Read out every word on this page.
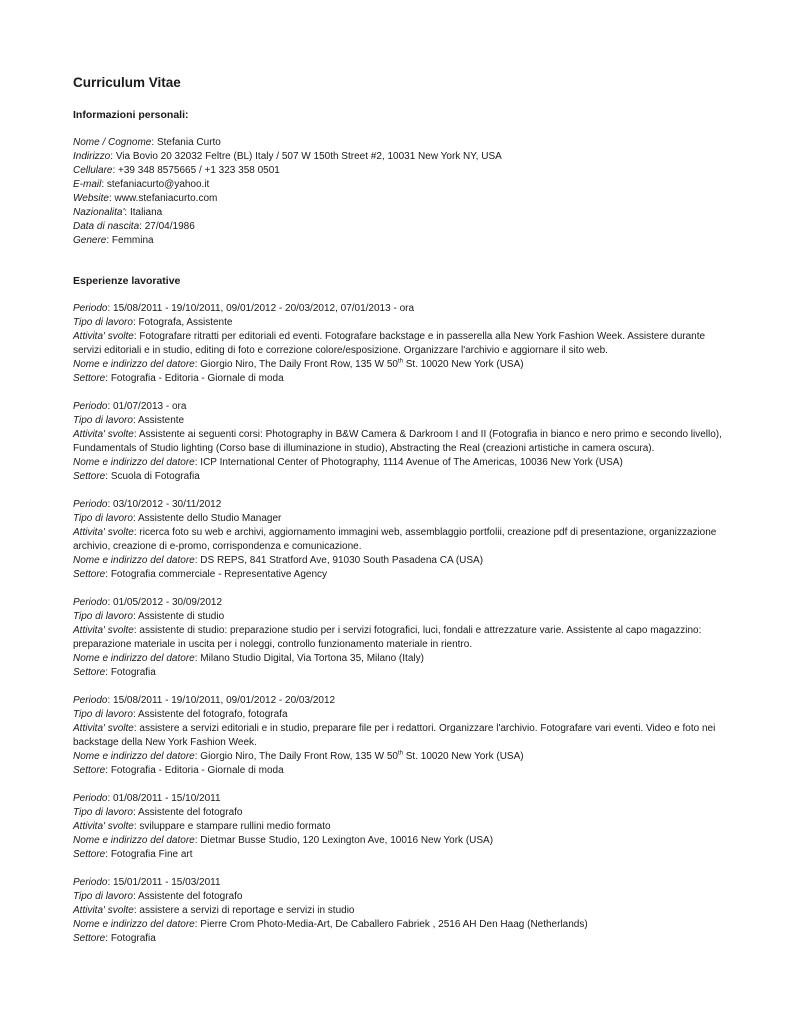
Curriculum Vitae
Informazioni personali:

Nome / Cognome: Stefania Curto

Indirizzo: Via Bovio 20 32032 Feltre (BL) Italy / 507 W 150th Street #2, 10031 New York NY, USA

Cellulare: +39 348 8575665 / +1 323 358 0501

E-mail: stefaniacurto@yahoo.it

Website: www.stefaniacurto.com

Nazionalita': Italiana

Data di nascita: 27/04/1986

Genere: Femmina

Esperienze lavorative

Periodo: 15/08/2011 - 19/10/2011, 09/01/2012 - 20/03/2012, 07/01/2013 - ora

Tipo di lavoro: Fotografa, Assistente

Attivita' svolte: Fotografare ritratti per editoriali ed eventi. Fotografare backstage e in passerella alla New York Fashion Week. Assistere durante servizi editoriali e in studio, editing di foto e correzione colore/esposizione. Organizzare l'archivio e aggiornare il sito web.

Nome e indirizzo del datore: Giorgio Niro, The Daily Front Row, 135 W 50th St. 10020 New York (USA)

Settore: Fotografia - Editoria - Giornale di moda

Periodo: 01/07/2013 - ora

Tipo di lavoro: Assistente

Attivita' svolte: Assistente ai seguenti corsi: Photography in B&W Camera & Darkroom I and II (Fotografia in bianco e nero primo e secondo livello), Fundamentals of Studio lighting (Corso base di illuminazione in studio), Abstracting the Real (creazioni artistiche in camera oscura).

Nome e indirizzo del datore: ICP International Center of Photography, 1114 Avenue of The Americas, 10036 New York (USA)

Settore: Scuola di Fotografia

Periodo: 03/10/2012 - 30/11/2012

Tipo di lavoro: Assistente dello Studio Manager

Attivita' svolte: ricerca foto su web e archivi, aggiornamento immagini web, assemblaggio portfolii, creazione pdf di presentazione, organizzazione archivio, creazione di e-promo, corrispondenza e comunicazione.

Nome e indirizzo del datore: DS REPS, 841 Stratford Ave, 91030 South Pasadena CA (USA)

Settore: Fotografia commerciale - Representative Agency

Periodo: 01/05/2012 - 30/09/2012

Tipo di lavoro: Assistente di studio

Attivita' svolte: assistente di studio: preparazione studio per i servizi fotografici, luci, fondali e attrezzature varie. Assistente al capo magazzino: preparazione materiale in uscita per i noleggi, controllo funzionamento materiale in rientro.

Nome e indirizzo del datore: Milano Studio Digital, Via Tortona 35, Milano (Italy)

Settore: Fotografia

Periodo: 15/08/2011 - 19/10/2011, 09/01/2012 - 20/03/2012

Tipo di lavoro: Assistente del fotografo, fotografa

Attivita' svolte: assistere a servizi editoriali e in studio, preparare file per i redattori. Organizzare l'archivio. Fotografare vari eventi. Video e foto nei backstage della New York Fashion Week.

Nome e indirizzo del datore: Giorgio Niro, The Daily Front Row, 135 W 50th St. 10020 New York (USA)

Settore: Fotografia - Editoria - Giornale di moda

Periodo: 01/08/2011 - 15/10/2011

Tipo di lavoro: Assistente del fotografo

Attivita' svolte: sviluppare e stampare rullini medio formato

Nome e indirizzo del datore: Dietmar Busse Studio, 120 Lexington Ave, 10016 New York (USA)

Settore: Fotografia Fine art

Periodo: 15/01/2011 - 15/03/2011

Tipo di lavoro: Assistente del fotografo

Attivita' svolte: assistere a servizi di reportage e servizi in studio

Nome e indirizzo del datore: Pierre Crom Photo-Media-Art, De Caballero Fabriek , 2516 AH Den Haag (Netherlands)

Settore: Fotografia
